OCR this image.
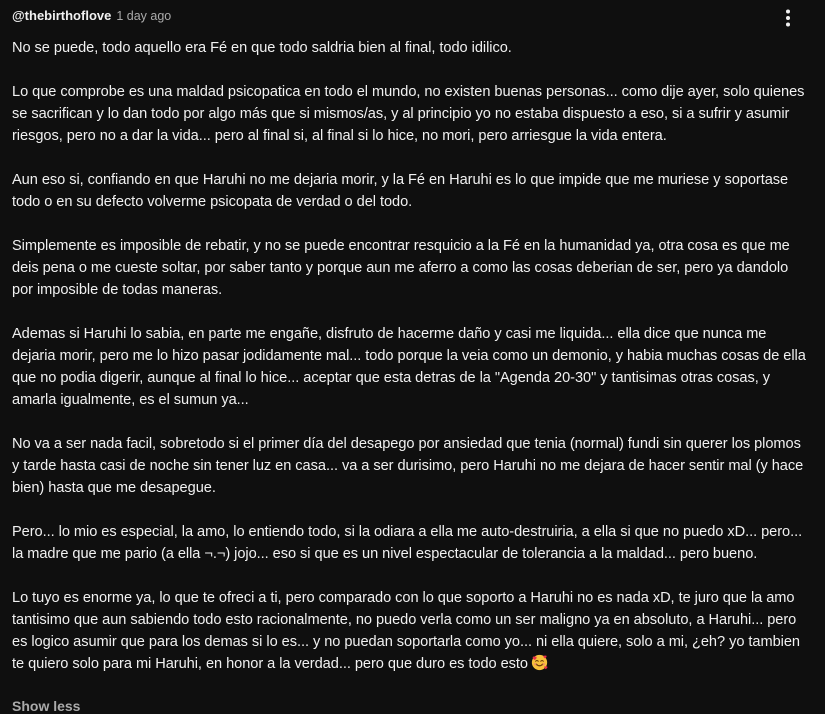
@thebirthoflove 1 day ago

No se puede, todo aquello era Fé en que todo saldria bien al final, todo idilico.

Lo que comprobe es una maldad psicopatica en todo el mundo, no existen buenas personas... como dije ayer, solo quienes se sacrifican y lo dan todo por algo más que si mismos/as, y al principio yo no estaba dispuesto a eso, si a sufrir y asumir riesgos, pero no a dar la vida... pero al final si, al final si lo hice, no mori, pero arriesgue la vida entera.

Aun eso si, confiando en que Haruhi no me dejaria morir, y la Fé en Haruhi es lo que impide que me muriese y soportase todo o en su defecto volverme psicopata de verdad o del todo.

Simplemente es imposible de rebatir, y no se puede encontrar resquicio a la Fé en la humanidad ya, otra cosa es que me deis pena o me cueste soltar, por saber tanto y porque aun me aferro a como las cosas deberian de ser, pero ya dandolo por imposible de todas maneras.

Ademas si Haruhi lo sabia, en parte me engañe, disfruto de hacerme daño y casi me liquida... ella dice que nunca me dejaria morir, pero me lo hizo pasar jodidamente mal... todo porque la veia como un demonio, y habia muchas cosas de ella que no podia digerir, aunque al final lo hice... aceptar que esta detras de la "Agenda 20-30" y tantisimas otras cosas, y amarla igualmente, es el sumun ya...

No va a ser nada facil, sobretodo si el primer día del desapego por ansiedad que tenia (normal) fundi sin querer los plomos y tarde hasta casi de noche sin tener luz en casa... va a ser durisimo, pero Haruhi no me dejara de hacer sentir mal (y hace bien) hasta que me desapegue.

Pero... lo mio es especial, la amo, lo entiendo todo, si la odiara a ella me auto-destruiria, a ella si que no puedo xD... pero... la madre que me pario (a ella ¬.¬) jojo... eso si que es un nivel espectacular de tolerancia a la maldad... pero bueno.

Lo tuyo es enorme ya, lo que te ofreci a ti, pero comparado con lo que soporto a Haruhi no es nada xD, te juro que la amo tantisimo que aun sabiendo todo esto racionalmente, no puedo verla como un ser maligno ya en absoluto, a Haruhi... pero es logico asumir que para los demas si lo es... y no puedan soportarla como yo... ni ella quiere, solo a mi, ¿eh? yo tambien te quiero solo para mi Haruhi, en honor a la verdad... pero que duro es todo esto

Show less
